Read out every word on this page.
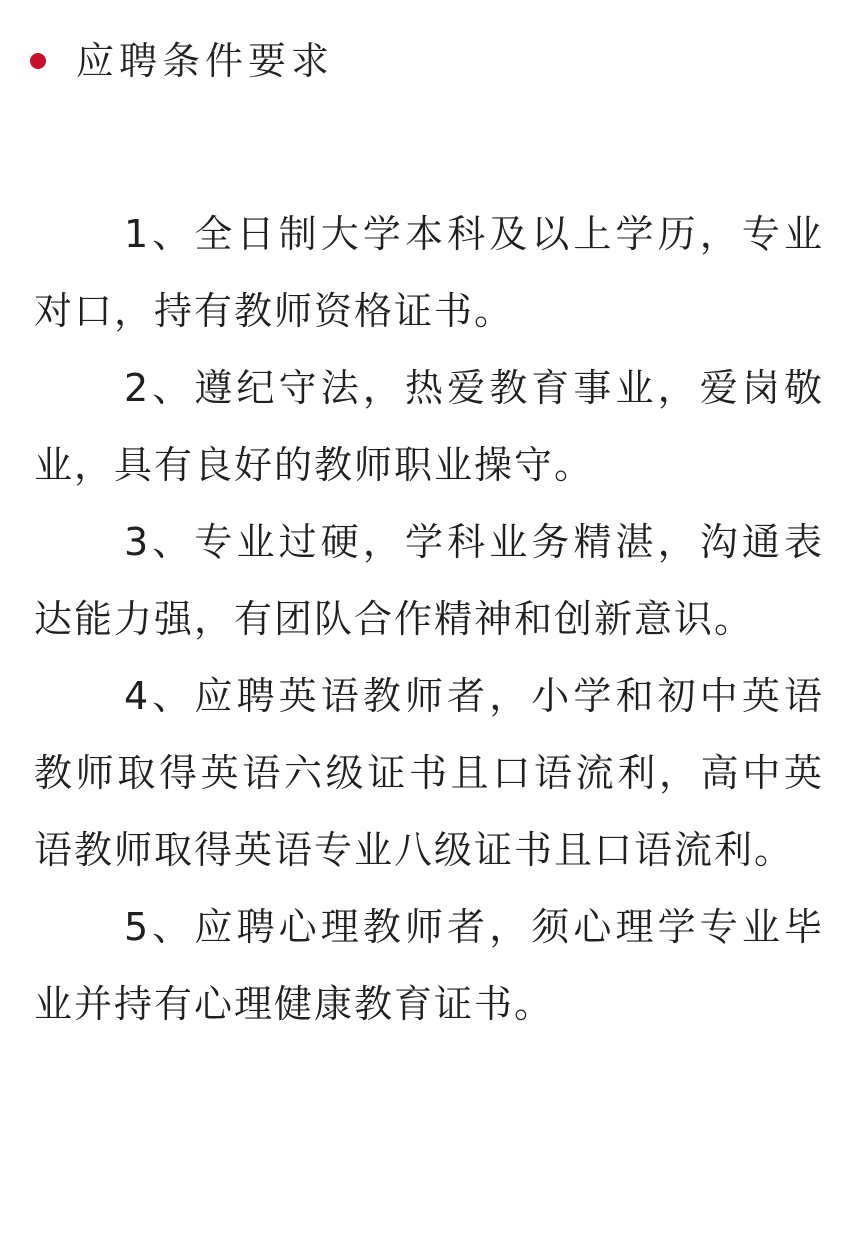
应聘条件要求

1、全日制大学本科及以上学历，专业对口，持有教师资格证书。

2、遵纪守法，热爱教育事业，爱岗敬业，具有良好的教师职业操守。

3、专业过硬，学科业务精湛，沟通表达能力强，有团队合作精神和创新意识。

4、应聘英语教师者，小学和初中英语教师取得英语六级证书且口语流利，高中英语教师取得英语专业八级证书且口语流利。

5、应聘心理教师者，须心理学专业毕业并持有心理健康教育证书。
